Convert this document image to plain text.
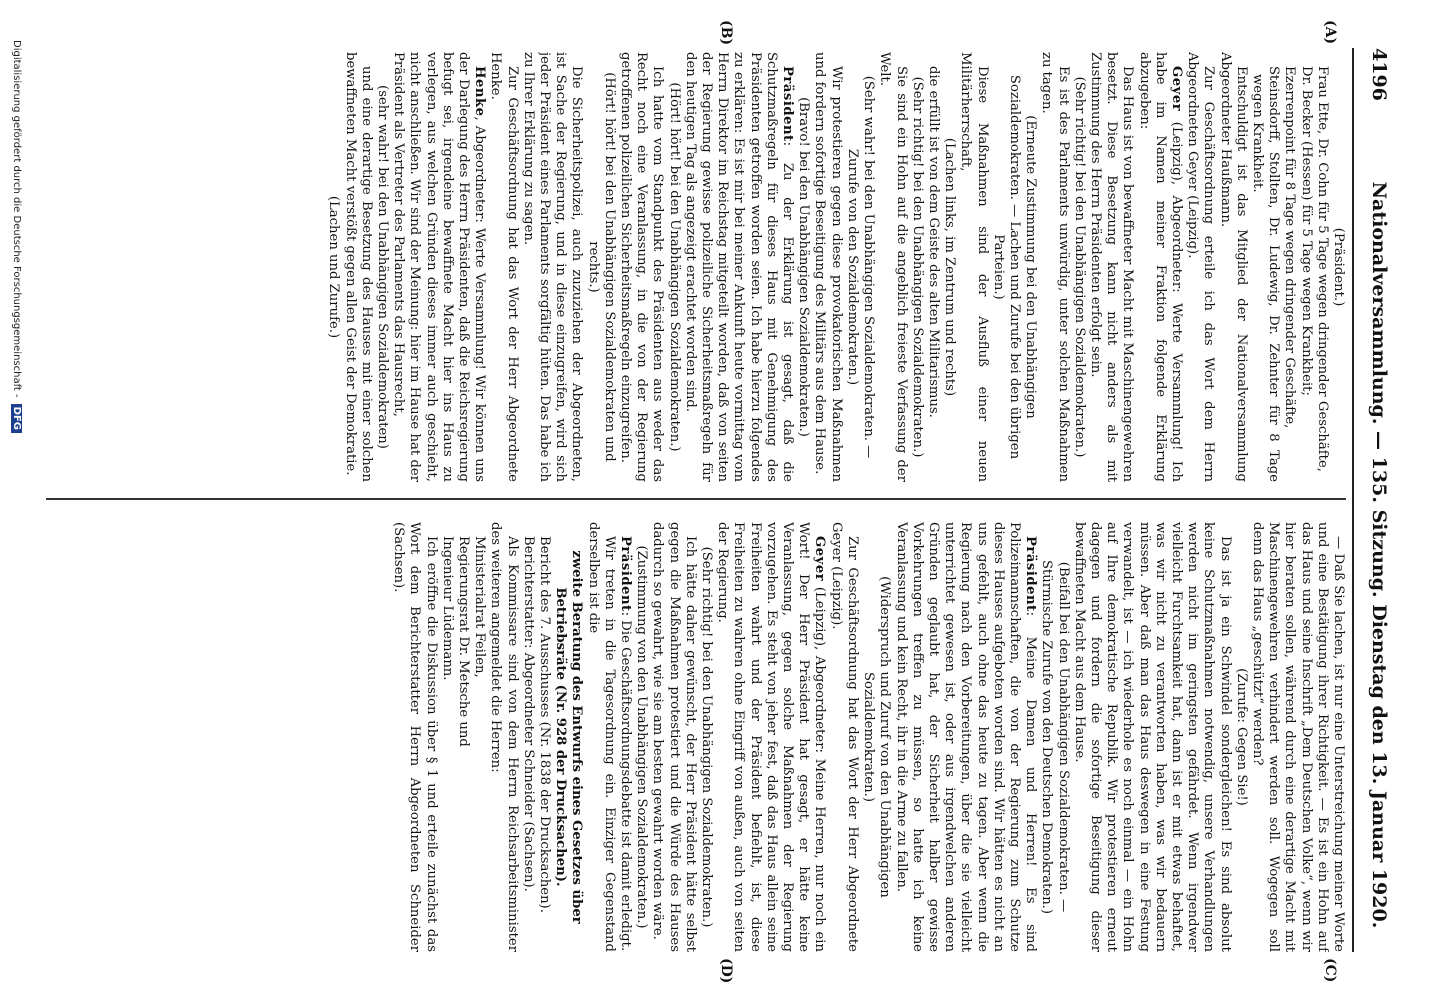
4196
Nationalversammlung. — 135. Sitzung. Dienstag den 13. Januar 1920.
(A)
(B)
(C)
(D)

(Präsident.)

Frau Ette, Dr. Cohn für 5 Tage wegen dringender Geschäfte,

Dr. Becker (Hessen) für 5 Tage wegen Krankheit;

Ezerrenpoint für 8 Tage wegen dringender Geschäfte,

Steinsdorff, Stollten, Dr. Ludewig, Dr. Zehnter für 8 Tage wegen Krankheit.

Entschuldigt ist das Mitglied der Nationalversammlung Abgeordneter Haußmann.

Zur Geschäftsordnung erteile ich das Wort dem Herrn Abgeordneten Geyer (Leipzig).

Geyer (Leipzig), Abgeordneter: Werte Versammlung! Ich habe im Namen meiner Fraktion folgende Erklärung abzugeben:

Das Haus ist von bewaffneter Macht mit Maschinengewehren besetzt. Diese Besetzung kann nicht anders als mit Zustimmung des Herrn Präsidenten erfolgt sein.

(Sehr richtig! bei den Unabhängigen Sozialdemokraten.)

Es ist des Parlaments unwürdig, unter solchen Maßnahmen zu tagen.

(Erneute Zustimmung bei den Unabhängigen Sozialdemokraten. — Lachen und Zurufe bei den übrigen Parteien.)

Diese Maßnahmen sind der Ausfluß einer neuen Militärherrschaft,

(Lachen links, im Zentrum und rechts)

die erfüllt ist von dem Geiste des alten Militarismus.

(Sehr richtig! bei den Unabhängigen Sozialdemokraten.)

Sie sind ein Hohn auf die angeblich freieste Verfassung der Welt.

(Sehr wahr! bei den Unabhängigen Sozialdemokraten. — Zurufe von den Sozialdemokraten.)

Wir protestieren gegen diese provokatorischen Maßnahmen und fordern sofortige Beseitigung des Militärs aus dem Hause.

(Bravo! bei den Unabhängigen Sozialdemokraten.)

Präsident: Zu der Erklärung ist gesagt, daß die Schutzmaßregeln für dieses Haus mit Genehmigung des Präsidenten getroffen worden seien. Ich habe hierzu folgendes zu erklären: Es ist mir bei meiner Ankunft heute vormittag vom Herrn Direktor im Reichstag mitgeteilt worden, daß von seiten der Regierung gewisse polizeiliche Sicherheitsmaßregeln für den heutigen Tag als angezeigt erachtet worden sind.

(Hört! hört! bei den Unabhängigen Sozialdemokraten.)

Ich hatte vom Standpunkt des Präsidenten aus weder das Recht noch eine Veranlassung, in die von der Regierung getroffenen polizeilichen Sicherheitsmaßregeln einzugreifen.

(Hört! hört! bei den Unabhängigen Sozialdemokraten und rechts.)

Die Sicherheitspolizei, auch zuzuziehen der Abgeordneten, ist Sache der Regierung, und in diese einzugreifen, wird sich jeder Präsident eines Parlaments sorgfältig hüten. Das habe ich zu Ihrer Erklärung zu sagen.

Zur Geschäftsordnung hat das Wort der Herr Abgeordnete Henke.

Henke, Abgeordneter: Werte Versammlung! Wir können uns der Darlegung des Herrn Präsidenten, daß die Reichsregierung befugt sei, irgendeine bewaffnete Macht hier ins Haus zu verlegen, aus welchen Gründen dieses immer auch geschieht, nicht anschließen. Wir sind der Meinung: hier im Hause hat der Präsident als Vertreter des Parlaments das Hausrecht,

(sehr wahr! bei den Unabhängigen Sozialdemokraten)

und eine derartige Besetzung des Hauses mit einer solchen bewaffneten Macht verstößt gegen allen Geist der Demokratie.

(Lachen und Zurufe.)

— Daß Sie lachen, ist nur eine Unterstreichung meiner Worte und eine Bestätigung ihrer Richtigkeit. — Es ist ein Hohn auf das Haus und seine Inschrift „Dem Deutschen Volke“, wenn wir hier beraten sollen, während durch eine derartige Macht mit Maschinengewehren verhindert werden soll. Wogegen soll denn das Haus „geschützt“ werden?

(Zurufe: Gegen Sie!)

Das ist ja ein Schwindel sondergleichen! Es sind absolut keine Schutzmaßnahmen notwendig, unsere Verhandlungen werden nicht im geringsten gefährdet. Wenn irgendwer vielleicht Furchtsamkeit hat, dann ist er mit etwas behaftet, was wir nicht zu verantworten haben, was wir bedauern müssen. Aber daß man das Haus deswegen in eine Festung verwandelt, ist — ich wiederhole es noch einmal — ein Hohn auf Ihre demokratische Republik. Wir protestieren erneut dagegen und fordern die sofortige Beseitigung dieser bewaffneten Macht aus dem Hause.

(Beifall bei den Unabhängigen Sozialdemokraten. — Stürmische Zurufe von den Deutschen Demokraten.)

Präsident: Meine Damen und Herren! Es sind Polizeimannschaften, die von der Regierung zum Schutze dieses Hauses aufgeboten worden sind. Wir hätten es nicht an uns gefehlt, auch ohne das heute zu tagen. Aber wenn die Regierung nach den Vorbereitungen, über die sie vielleicht unterrichtet gewesen ist, oder aus irgendwelchen anderen Gründen geglaubt hat, der Sicherheit halber gewisse Vorkehrungen treffen zu müssen, so hatte ich keine Veranlassung und kein Recht, ihr in die Arme zu fallen.

(Widerspruch und Zuruf von den Unabhängigen Sozialdemokraten.)

Zur Geschäftsordnung hat das Wort der Herr Abgeordnete Geyer (Leipzig).

Geyer (Leipzig), Abgeordneter: Meine Herren, nur noch ein Wort! Der Herr Präsident hat gesagt, er hätte keine Veranlassung, gegen solche Maßnahmen der Regierung vorzugehen. Es steht von jeher fest, daß das Haus allein seine Freiheiten wahrt und der Präsident befiehlt, ist, diese Freiheiten zu wahren ohne Eingriff von außen, auch von seiten der Regierung.

(Sehr richtig! bei den Unabhängigen Sozialdemokraten.)

Ich hätte daher gewünscht, der Herr Präsident hätte selbst gegen die Maßnahmen protestiert und die Würde des Hauses dadurch so gewahrt, wie sie am besten gewahrt worden wäre.

(Zustimmung von den Unabhängigen Sozialdemokraten.)

Präsident: Die Geschäftsordnungsdebatte ist damit erledigt.

Wir treten in die Tagesordnung ein. Einziger Gegenstand derselben ist die

zweite Beratung des Entwurfs eines Gesetzes über Betriebsräte (Nr. 928 der Drucksachen).

Bericht des 7. Ausschusses (Nr. 1838 der Drucksachen).

Berichterstatter: Abgeordneter Schneider (Sachsen).

Als Kommissare sind von dem Herrn Reichsarbeitsminister des weiteren angemeldet die Herren:

Ministerialrat Feilen,

Regierungsrat Dr. Metsche und

Ingenieur Lüdemann.

Ich eröffne die Diskussion über § 1 und erteile zunächst das Wort dem Berichterstatter Herrn Abgeordneten Schneider (Sachsen).

Digitalisierung gefördert durch die Deutsche Forschungsgemeinschaft -DFG
